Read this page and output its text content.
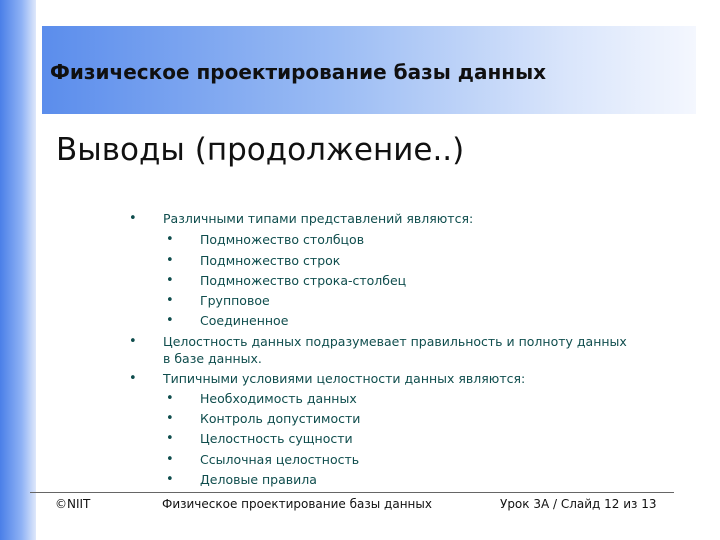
Физическое проектирование базы данных
Выводы (продолжение..)
• Различными типами представлений являются:
• Подмножество столбцов
• Подмножество строк
• Подмножество строка-столбец
• Групповое
• Соединенное
• Целостность данных подразумевает правильность и полноту данных в базе данных.
• Типичными условиями целостности данных являются:
• Необходимость данных
• Контроль допустимости
• Целостность сущности
• Ссылочная целостность
• Деловые правила
©NIIT	Физическое проектирование базы данных	Урок 3А / Слайд 12 из 13
